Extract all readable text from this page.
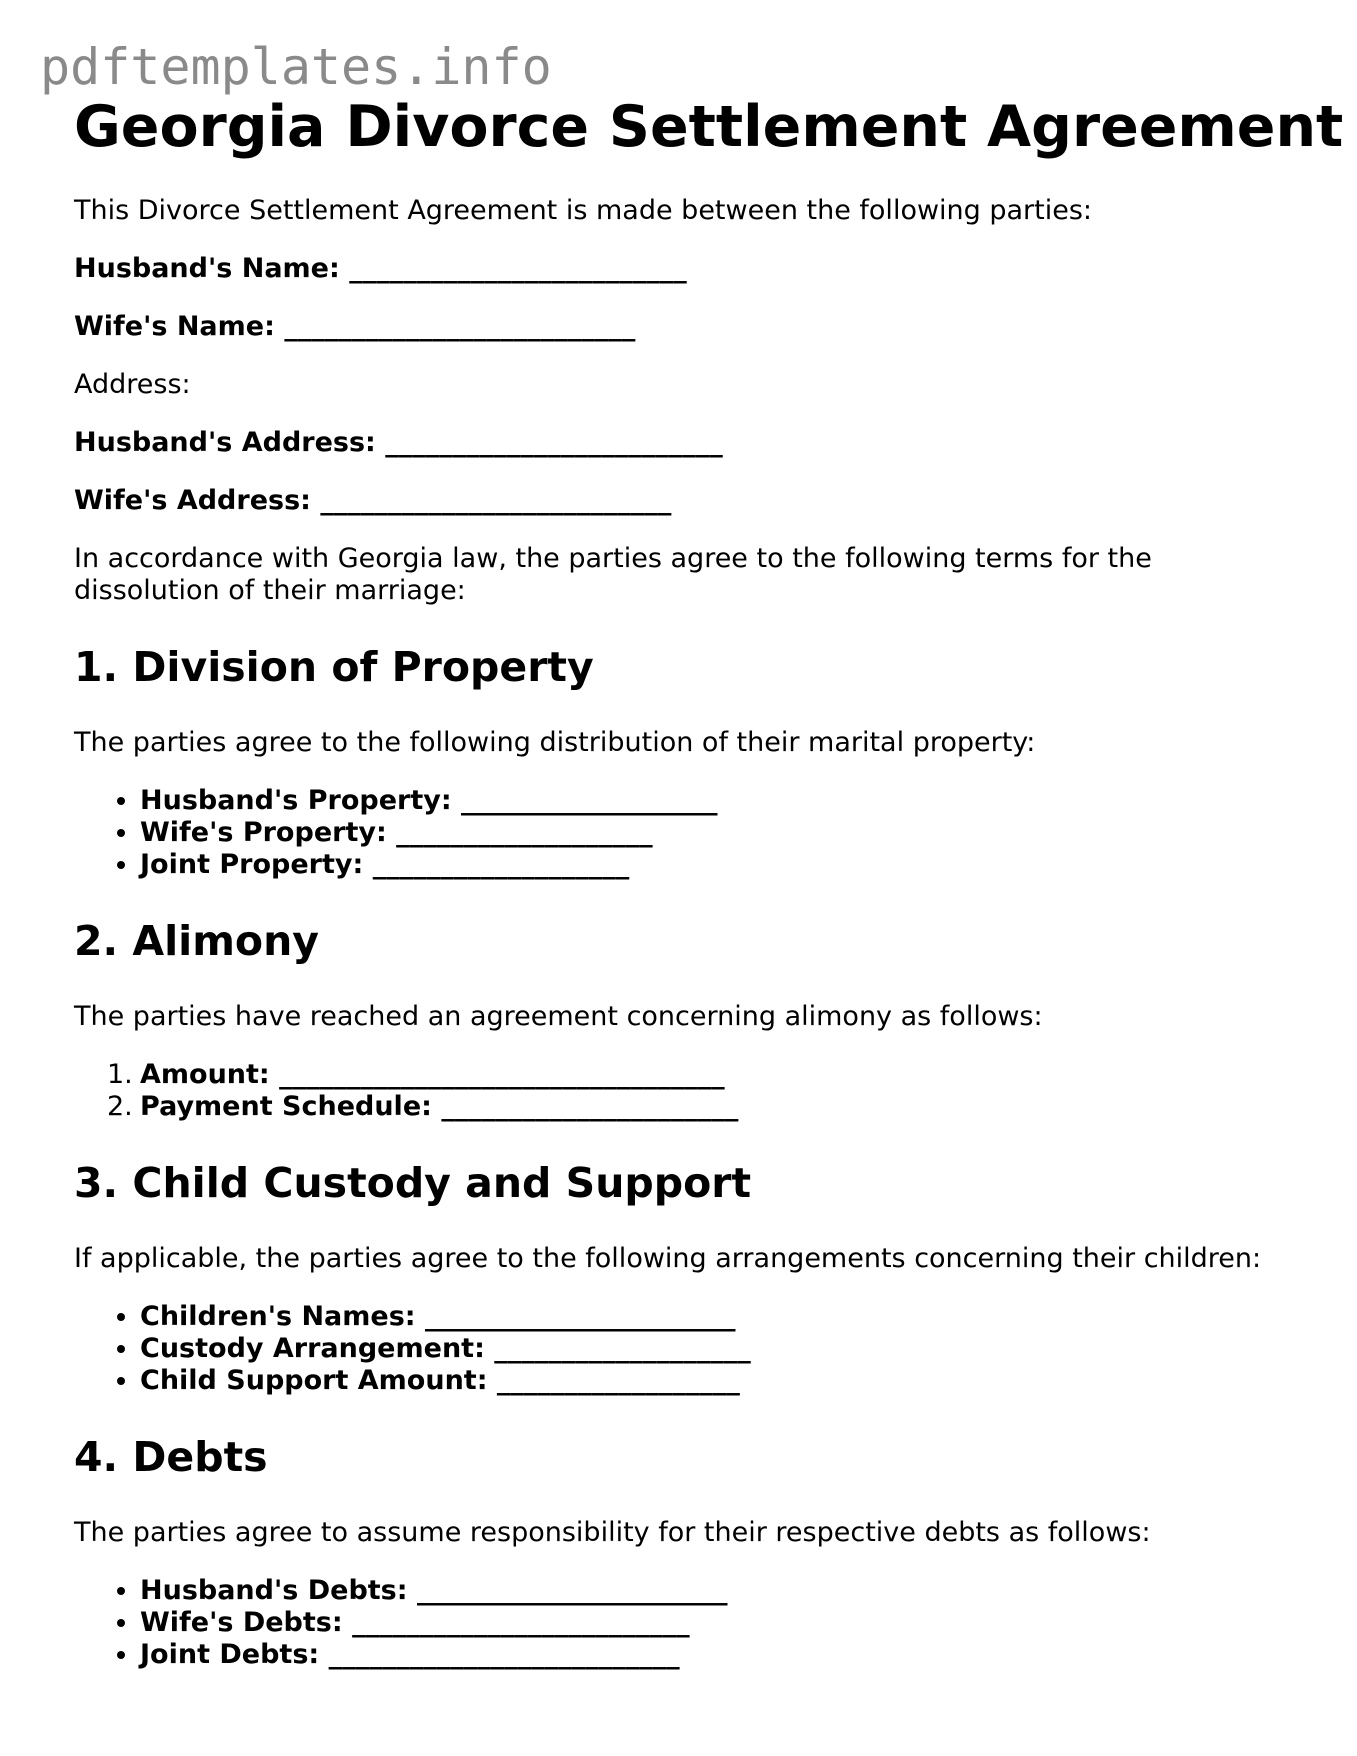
pdftemplates.info
Georgia Divorce Settlement Agreement

This Divorce Settlement Agreement is made between the following parties:

Husband's Name: _________________________
Wife's Name: __________________________

Address:

Husband's Address: _________________________
Wife's Address: __________________________

In accordance with Georgia law, the parties agree to the following terms for the dissolution of their marriage:

1. Division of Property

The parties agree to the following distribution of their marital property:

• Husband's Property: ___________________
• Wife's Property: ___________________
• Joint Property: ___________________
2. Alimony

The parties have reached an agreement concerning alimony as follows:

1. Amount: _________________________________
2. Payment Schedule: ______________________
3. Child Custody and Support

If applicable, the parties agree to the following arrangements concerning their children:

• Children's Names: _______________________
• Custody Arrangement: ___________________
• Child Support Amount: __________________
4. Debts

The parties agree to assume responsibility for their respective debts as follows:

• Husband's Debts: _______________________
• Wife's Debts: _________________________
• Joint Debts: __________________________
